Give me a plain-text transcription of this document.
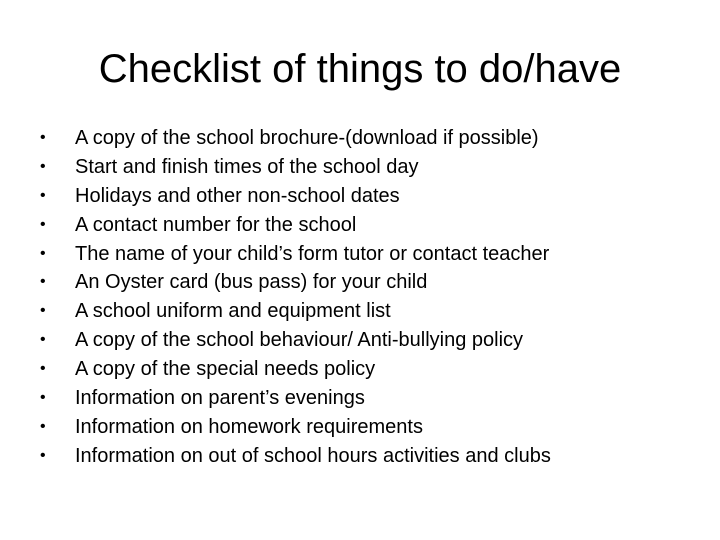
Checklist of things to do/have
•	A copy of the school brochure-(download if possible)
•	Start and finish times of the school day
•	Holidays and other non-school dates
•	A contact number for the school
•	The name of your child’s form tutor or contact teacher
•	An Oyster card (bus pass) for your child
•	A school uniform and equipment list
•	A copy of the school behaviour/ Anti-bullying policy
•	A copy of the special needs policy
•	Information on parent’s evenings
•	Information on homework requirements
•	Information on out of school hours activities and clubs
